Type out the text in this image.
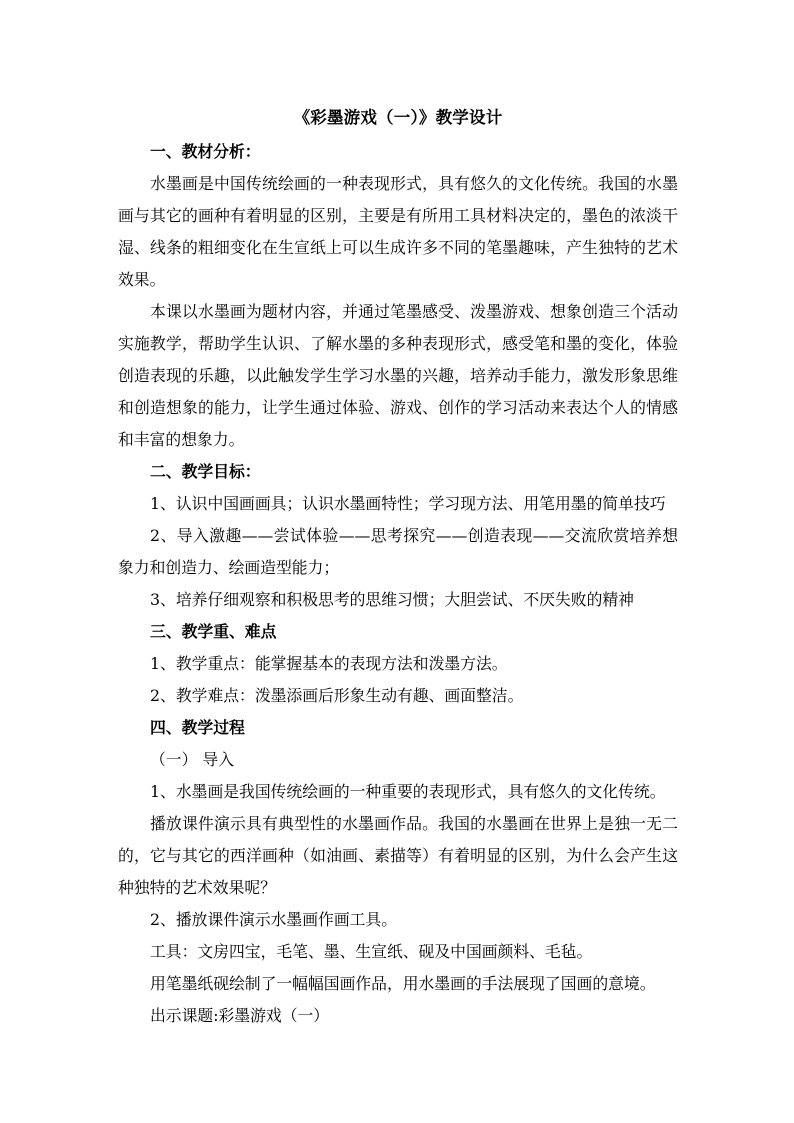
《彩墨游戏（一）》教学设计

一、教材分析：

水墨画是中国传统绘画的一种表现形式，具有悠久的文化传统。我国的水墨画与其它的画种有着明显的区别，主要是有所用工具材料决定的，墨色的浓淡干湿、线条的粗细变化在生宣纸上可以生成许多不同的笔墨趣味，产生独特的艺术效果。

本课以水墨画为题材内容，并通过笔墨感受、泼墨游戏、想象创造三个活动实施教学，帮助学生认识、了解水墨的多种表现形式，感受笔和墨的变化，体验创造表现的乐趣，以此触发学生学习水墨的兴趣，培养动手能力，激发形象思维和创造想象的能力，让学生通过体验、游戏、创作的学习活动来表达个人的情感和丰富的想象力。

二、教学目标：

1、认识中国画画具；认识水墨画特性；学习现方法、用笔用墨的简单技巧

2、导入激趣——尝试体验——思考探究——创造表现——交流欣赏培养想象力和创造力、绘画造型能力；

3、培养仔细观察和积极思考的思维习惯；大胆尝试、不厌失败的精神

三、教学重、难点

1、教学重点：能掌握基本的表现方法和泼墨方法。

2、教学难点：泼墨添画后形象生动有趣、画面整洁。

四、教学过程

（一） 导入

1、水墨画是我国传统绘画的一种重要的表现形式，具有悠久的文化传统。

播放课件演示具有典型性的水墨画作品。我国的水墨画在世界上是独一无二的，它与其它的西洋画种（如油画、素描等）有着明显的区别，为什么会产生这种独特的艺术效果呢？

2、播放课件演示水墨画作画工具。

工具：文房四宝，毛笔、墨、生宣纸、砚及中国画颜料、毛毡。

用笔墨纸砚绘制了一幅幅国画作品，用水墨画的手法展现了国画的意境。

出示课题:彩墨游戏（一）
